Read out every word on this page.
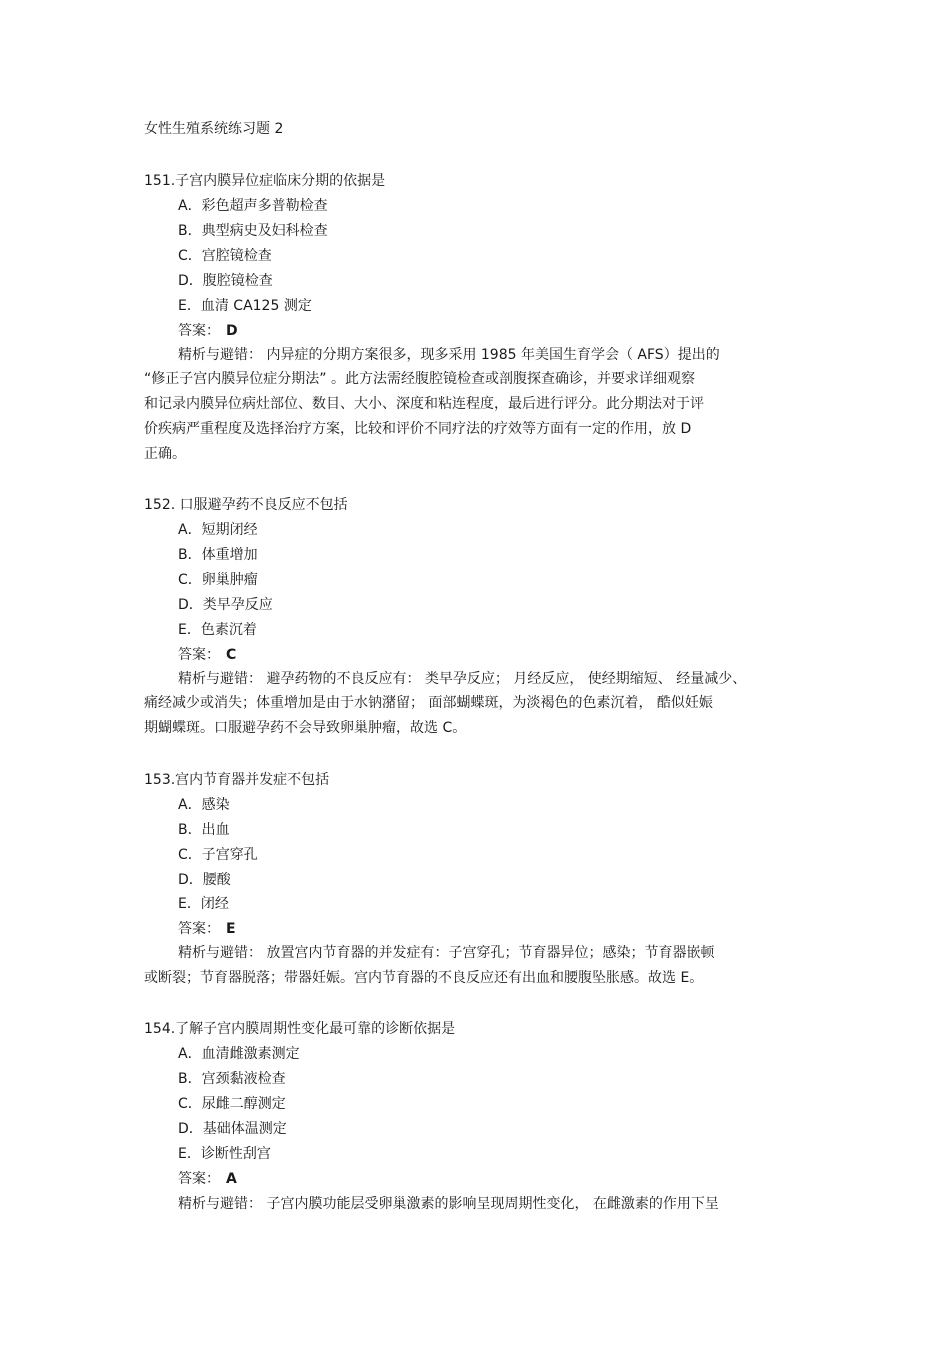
女性生殖系统练习题 2
151.子宫内膜异位症临床分期的依据是
A．彩色超声多普勒检查
B．典型病史及妇科检查
C．宫腔镜检查
D．腹腔镜检查
E．血清 CA125 测定
答案： D
精析与避错： 内异症的分期方案很多，现多采用 1985 年美国生育学会（ AFS）提出的
“修正子宫内膜异位症分期法” 。此方法需经腹腔镜检查或剖腹探查确诊，并要求详细观察
和记录内膜异位病灶部位、数目、大小、深度和粘连程度，最后进行评分。此分期法对于评
价疾病严重程度及选择治疗方案，比较和评价不同疗法的疗效等方面有一定的作用，放 D
正确。
152. 口服避孕药不良反应不包括
A．短期闭经
B．体重增加
C．卵巢肿瘤
D．类早孕反应
E．色素沉着
答案： C
精析与避错： 避孕药物的不良反应有： 类早孕反应； 月经反应， 使经期缩短、 经量减少、
痛经减少或消失；体重增加是由于水钠潴留； 面部蝴蝶斑，为淡褐色的色素沉着， 酷似妊娠
期蝴蝶斑。口服避孕药不会导致卵巢肿瘤，故选 C。
153.宫内节育器并发症不包括
A．感染
B．出血
C．子宫穿孔
D．腰酸
E．闭经
答案： E
精析与避错： 放置宫内节育器的并发症有：子宫穿孔；节育器异位；感染；节育器嵌顿
或断裂；节育器脱落；带器妊娠。宫内节育器的不良反应还有出血和腰腹坠胀感。故选 E。
154.了解子宫内膜周期性变化最可靠的诊断依据是
A．血清雌激素测定
B．宫颈黏液检查
C．尿雌二醇测定
D．基础体温测定
E．诊断性刮宫
答案： A
精析与避错： 子宫内膜功能层受卵巢激素的影响呈现周期性变化， 在雌激素的作用下呈
